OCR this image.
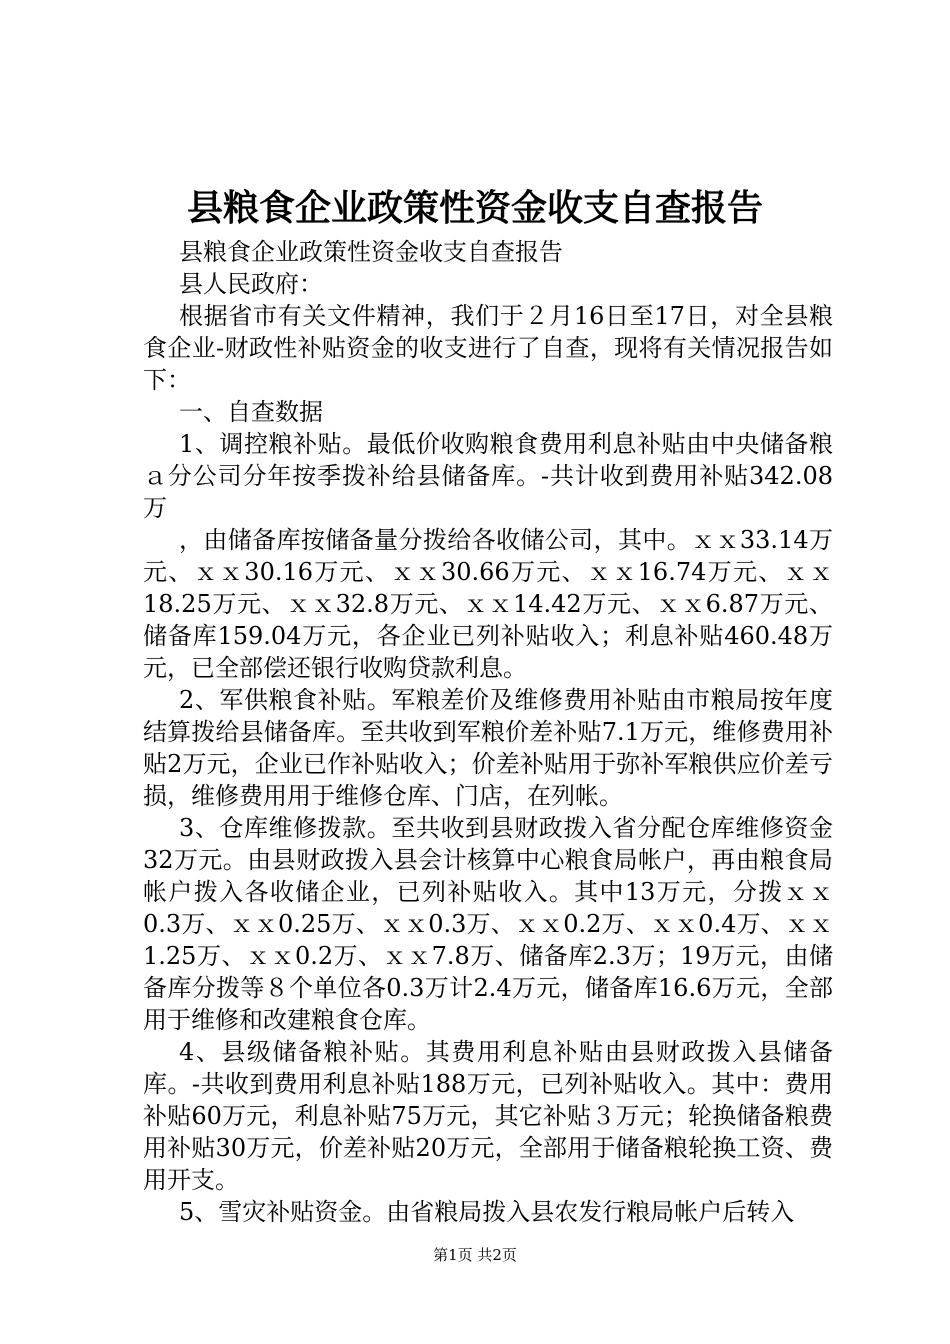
县粮食企业政策性资金收支自查报告

县粮食企业政策性资金收支自查报告

县人民政府：

根据省市有关文件精神，我们于２月16日至17日，对全县粮食企业-财政性补贴资金的收支进行了自查，现将有关情况报告如下：

一、自查数据

1、调控粮补贴。最低价收购粮食费用利息补贴由中央储备粮ａ分公司分年按季拨补给县储备库。-共计收到费用补贴342.08万

，由储备库按储备量分拨给各收储公司，其中。ｘｘ33.14万元、ｘｘ30.16万元、ｘｘ30.66万元、ｘｘ16.74万元、ｘｘ18.25万元、ｘｘ32.8万元、ｘｘ14.42万元、ｘｘ6.87万元、储备库159.04万元，各企业已列补贴收入；利息补贴460.48万元，已全部偿还银行收购贷款利息。

2、军供粮食补贴。军粮差价及维修费用补贴由市粮局按年度结算拨给县储备库。至共收到军粮价差补贴7.1万元，维修费用补贴2万元，企业已作补贴收入；价差补贴用于弥补军粮供应价差亏损，维修费用用于维修仓库、门店，在列帐。

3、仓库维修拨款。至共收到县财政拨入省分配仓库维修资金32万元。由县财政拨入县会计核算中心粮食局帐户，再由粮食局帐户拨入各收储企业，已列补贴收入。其中13万元，分拨ｘｘ0.3万、ｘｘ0.25万、ｘｘ0.3万、ｘｘ0.2万、ｘｘ0.4万、ｘｘ1.25万、ｘｘ0.2万、ｘｘ7.8万、储备库2.3万；19万元，由储备库分拨等８个单位各0.3万计2.4万元，储备库16.6万元，全部用于维修和改建粮食仓库。

4、县级储备粮补贴。其费用利息补贴由县财政拨入县储备库。-共收到费用利息补贴188万元，已列补贴收入。其中：费用补贴60万元，利息补贴75万元，其它补贴３万元；轮换储备粮费用补贴30万元，价差补贴20万元，全部用于储备粮轮换工资、费用开支。

5、雪灾补贴资金。由省粮局拨入县农发行粮局帐户后转入

第1页 共2页
